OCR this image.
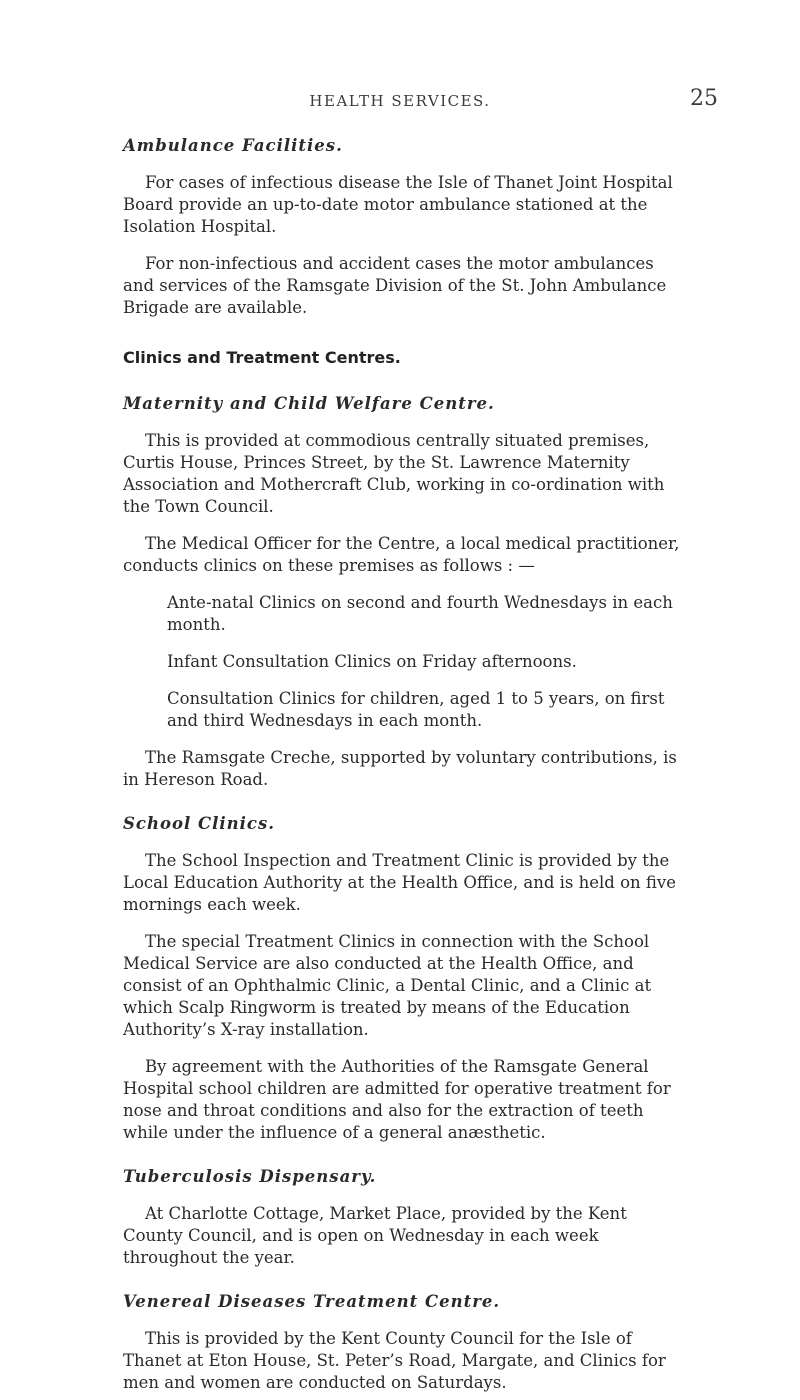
HEALTH SERVICES.	25
Ambulance Facilities.

For cases of infectious disease the Isle of Thanet Joint Hospital Board provide an up-to-date motor ambulance stationed at the Isolation Hospital.

For non-infectious and accident cases the motor ambulances and services of the Ramsgate Division of the St. John Ambulance Brigade are available.

Clinics and Treatment Centres.
Maternity and Child Welfare Centre.

This is provided at commodious centrally situated premises, Curtis House, Princes Street, by the St. Lawrence Maternity Association and Mothercraft Club, working in co-ordination with the Town Council.

The Medical Officer for the Centre, a local medical practitioner, conducts clinics on these premises as follows : —

Ante-natal Clinics on second and fourth Wednesdays in each month.

Infant Consultation Clinics on Friday afternoons.

Consultation Clinics for children, aged 1 to 5 years, on first and third Wednesdays in each month.

The Ramsgate Creche, supported by voluntary contributions, is in Hereson Road.

School Clinics.

The School Inspection and Treatment Clinic is provided by the Local Education Authority at the Health Office, and is held on five mornings each week.

The special Treatment Clinics in connection with the School Medical Service are also conducted at the Health Office, and consist of an Ophthalmic Clinic, a Dental Clinic, and a Clinic at which Scalp Ringworm is treated by means of the Education Authority’s X-ray installation.

By agreement with the Authorities of the Ramsgate General Hospital school children are admitted for operative treatment for nose and throat conditions and also for the extraction of teeth while under the influence of a general anæsthetic.

Tuberculosis Dispensary.

At Charlotte Cottage, Market Place, provided by the Kent County Council, and is open on Wednesday in each week throughout the year.

Venereal Diseases Treatment Centre.

This is provided by the Kent County Council for the Isle of Thanet at Eton House, St. Peter’s Road, Margate, and Clinics for men and women are conducted on Saturdays.
